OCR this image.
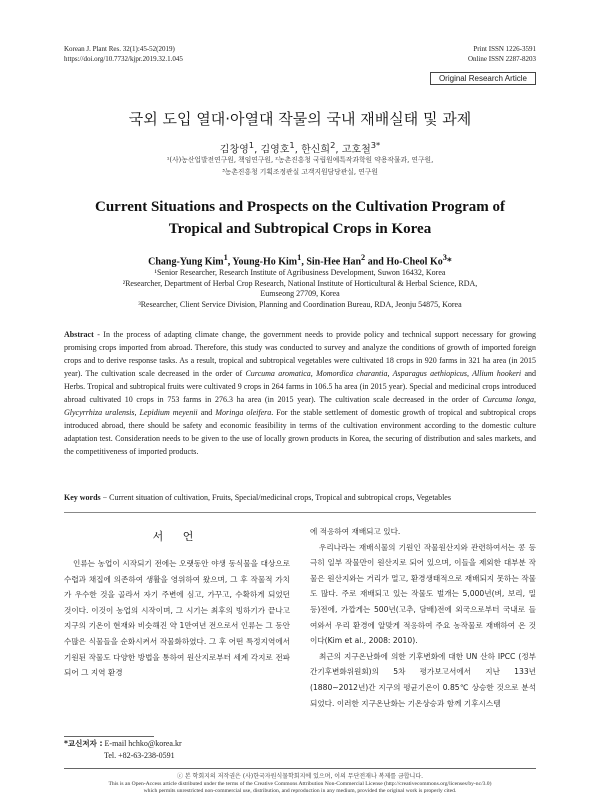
Korean J. Plant Res. 32(1):45-52(2019)
https://doi.org/10.7732/kjpr.2019.32.1.045
Print ISSN 1226-3591
Online ISSN 2287-8203
Original Research Article
국외 도입 열대·아열대 작물의 국내 재배실태 및 과제
김창영$^1$, 김영호$^1$, 한신희$^2$, 고호철$^{3*}$
¹(사)농산업발전연구원, 책임연구원, ²농촌진흥청 국립원예특작과학원 약용작물과, 연구원,
³농촌진흥청 기획조정관실 고객지원담당관실, 연구원
Current Situations and Prospects on the Cultivation Program of
Tropical and Subtropical Crops in Korea
Chang-Yung Kim$^1$, Young-Ho Kim$^1$, Sin-Hee Han$^2$ and Ho-Cheol Ko$^3$*
¹Senior Researcher, Research Institute of Agribusiness Development, Suwon 16432, Korea
²Researcher, Department of Herbal Crop Research, National Institute of Horticultural & Herbal Science, RDA,
Eumseong 27709, Korea
³Researcher, Client Service Division, Planning and Coordination Bureau, RDA, Jeonju 54875, Korea
Abstract - In the process of adapting climate change, the government needs to provide policy and technical support necessary for growing promising crops imported from abroad. Therefore, this study was conducted to survey and analyze the conditions of growth of imported foreign crops and to derive response tasks. As a result, tropical and subtropical vegetables were cultivated 18 crops in 920 farms in 321 ha area (in 2015 year). The cultivation scale decreased in the order of Curcuma aromatica, Momordica charantia, Asparagus aethiopicus, Allium hookeri and Herbs. Tropical and subtropical fruits were cultivated 9 crops in 264 farms in 106.5 ha area (in 2015 year). Special and medicinal crops introduced abroad cultivated 10 crops in 753 farms in 276.3 ha area (in 2015 year). The cultivation scale decreased in the order of Curcuma longa, Glycyrrhiza uralensis, Lepidium meyenii and Moringa oleifera. For the stable settlement of domestic growth of tropical and subtropical crops introduced abroad, there should be safety and economic feasibility in terms of the cultivation environment according to the domestic culture adaptation test. Consideration needs to be given to the use of locally grown products in Korea, the securing of distribution and sales markets, and the competitiveness of imported products.
Key words − Current situation of cultivation, Fruits, Special/medicinal crops, Tropical and subtropical crops, Vegetables
서 언

인류는 농업이 시작되기 전에는 오랫동안 야생 동식물을 대상으로 수렵과 채집에 의존하여 생활을 영위하여 왔으며, 그 후 작물적 가치가 우수한 것을 골라서 자기 주변에 심고, 가꾸고, 수확하게 되었던 것이다. 이것이 농업의 시작이며, 그 시기는 최후의 빙하기가 끝나고 지구의 기온이 현재와 비슷해진 약 1만여년 전으로서 인류는 그 동안 수많은 식물들을 순화시켜서 작물화하였다. 그 후 어떤 특정지역에서 기원된 작물도 다양한 방법을 통하여 원산지로부터 세계 각지로 전파되어 그 지역 환경

에 적응하여 재배되고 있다.

우리나라는 재배식물의 기원인 작물원산지와 관련하여서는 콩 등 극히 일부 작물만이 원산지로 되어 있으며, 이들을 제외한 대부분 작물은 원산지와는 거리가 멀고, 환경생태적으로 재배되지 못하는 작물도 많다. 주로 재배되고 있는 작물도 벌개는 5,000년(벼, 보리, 밀 등)전에, 가깝게는 500년(고추, 담배)전에 외국으로부터 국내로 들여와서 우리 환경에 알맞게 적응하여 주요 농작물로 재배하여 온 것이다(Kim et al., 2008: 2010).

최근의 지구온난화에 의한 기후변화에 대한 UN 산하 IPCC (정부간기후변화위원회)의 5차 평가보고서에서 지난 133년(1880~2012년)간 지구의 평균기온이 0.85℃ 상승한 것으로 분석되었다. 이러한 지구온난화는 기온상승과 함께 기후시스템

*교신저자 : E-mail hchko@korea.kr
Tel. +82-63-238-0591
ⓒ 본 학회지의 저작권은 (사)한국자원식물학회지에 있으며, 이의 무단전재나 복제를 금합니다.
This is an Open-Access article distributed under the terms of the Creative Commons Attribution Non-Commercial License (http://creativecommons.org/licenses/by-nc/3.0)
which permits unrestricted non-commercial use, distribution, and reproduction in any medium, provided the original work is properly cited.
